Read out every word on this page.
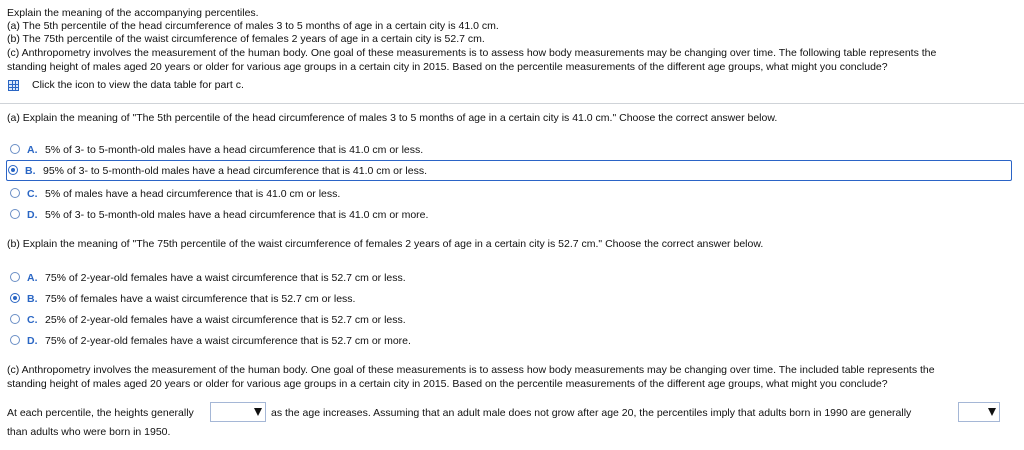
Explain the meaning of the accompanying percentiles.
(a) The 5th percentile of the head circumference of males 3 to 5 months of age in a certain city is 41.0 cm.
(b) The 75th percentile of the waist circumference of females 2 years of age in a certain city is 52.7 cm.
(c) Anthropometry involves the measurement of the human body. One goal of these measurements is to assess how body measurements may be changing over time. The following table represents the
standing height of males aged 20 years or older for various age groups in a certain city in 2015. Based on the percentile measurements of the different age groups, what might you conclude?
Click the icon to view the data table for part c.
(a) Explain the meaning of "The 5th percentile of the head circumference of males 3 to 5 months of age in a certain city is 41.0 cm." Choose the correct answer below.
A. 5% of 3- to 5-month-old males have a head circumference that is 41.0 cm or less.
B. 95% of 3- to 5-month-old males have a head circumference that is 41.0 cm or less.
C. 5% of males have a head circumference that is 41.0 cm or less.
D. 5% of 3- to 5-month-old males have a head circumference that is 41.0 cm or more.
(b) Explain the meaning of "The 75th percentile of the waist circumference of females 2 years of age in a certain city is 52.7 cm." Choose the correct answer below.
A. 75% of 2-year-old females have a waist circumference that is 52.7 cm or less.
B. 75% of females have a waist circumference that is 52.7 cm or less.
C. 25% of 2-year-old females have a waist circumference that is 52.7 cm or less.
D. 75% of 2-year-old females have a waist circumference that is 52.7 cm or more.
(c) Anthropometry involves the measurement of the human body. One goal of these measurements is to assess how body measurements may be changing over time. The included table represents the
standing height of males aged 20 years or older for various age groups in a certain city in 2015. Based on the percentile measurements of the different age groups, what might you conclude?
At each percentile, the heights generally	as the age increases. Assuming that an adult male does not grow after age 20, the percentiles imply that adults born in 1990 are generally
than adults who were born in 1950.
